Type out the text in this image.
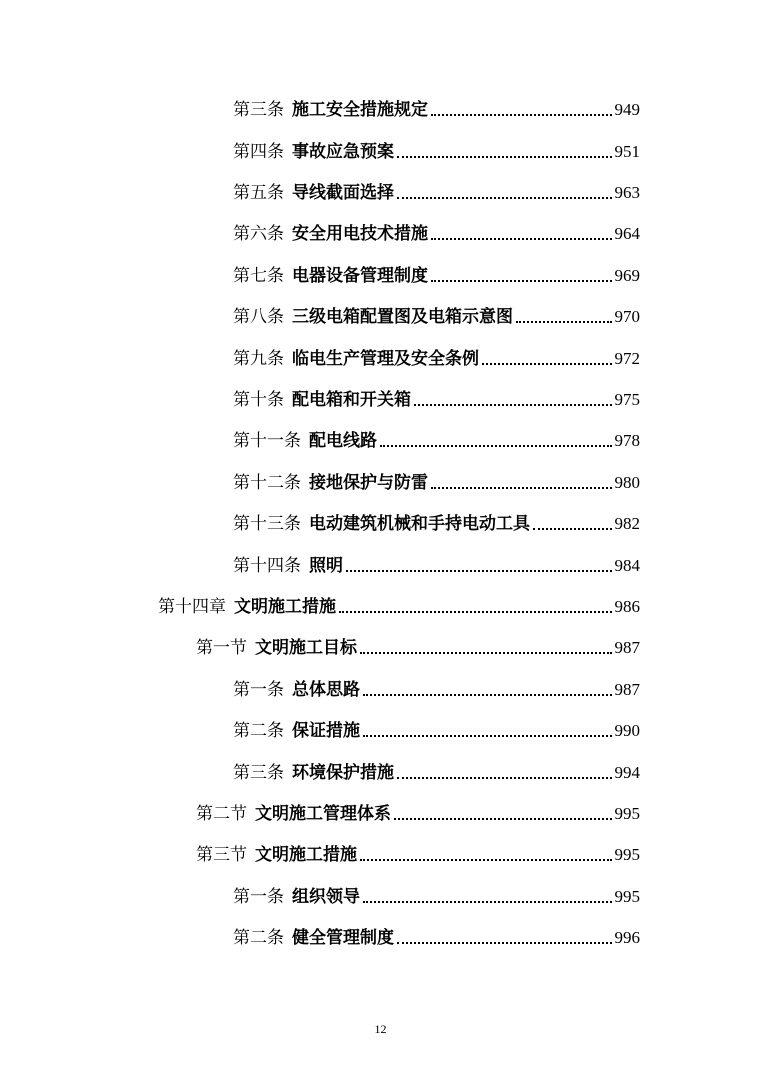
第三条 施工安全措施规定	949
第四条 事故应急预案	951
第五条 导线截面选择	963
第六条 安全用电技术措施	964
第七条 电器设备管理制度	969
第八条 三级电箱配置图及电箱示意图	970
第九条 临电生产管理及安全条例	972
第十条 配电箱和开关箱	975
第十一条 配电线路	978
第十二条 接地保护与防雷	980
第十三条 电动建筑机械和手持电动工具	982
第十四条 照明	984
第十四章 文明施工措施	986
第一节 文明施工目标	987
第一条 总体思路	987
第二条 保证措施	990
第三条 环境保护措施	994
第二节 文明施工管理体系	995
第三节 文明施工措施	995
第一条 组织领导	995
第二条 健全管理制度	996
12
